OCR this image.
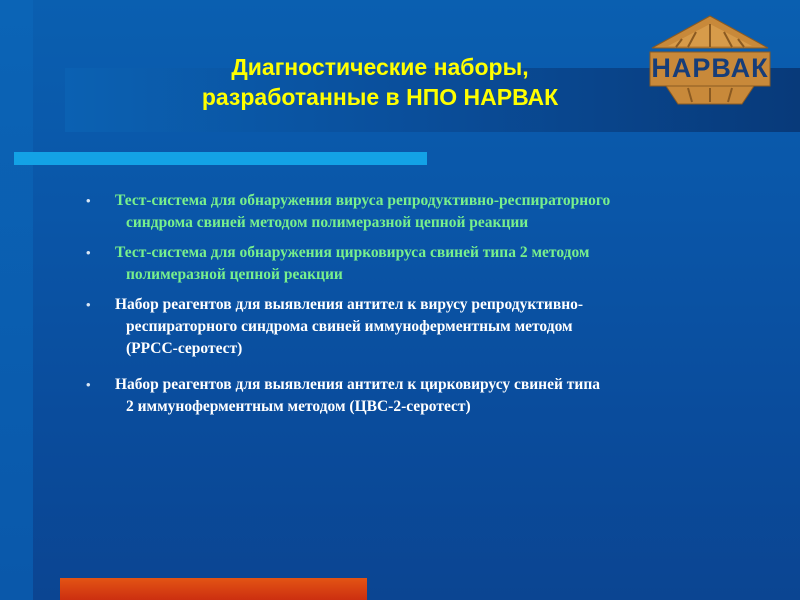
Диагностические наборы,
разработанные в НПО НАРВАК
НАРВАК
• Тест-система для обнаружения вируса репродуктивно-респираторного
синдрома свиней методом полимеразной цепной реакции
• Тест-система для обнаружения цирковируса свиней типа 2 методом
полимеразной цепной реакции
• Набор реагентов для выявления антител к вирусу репродуктивно-
респираторного синдрома свиней иммуноферментным методом
(РРСС-серотест)
• Набор реагентов для выявления антител к цирковирусу свиней типа
2 иммуноферментным методом (ЦВС-2-серотест)
